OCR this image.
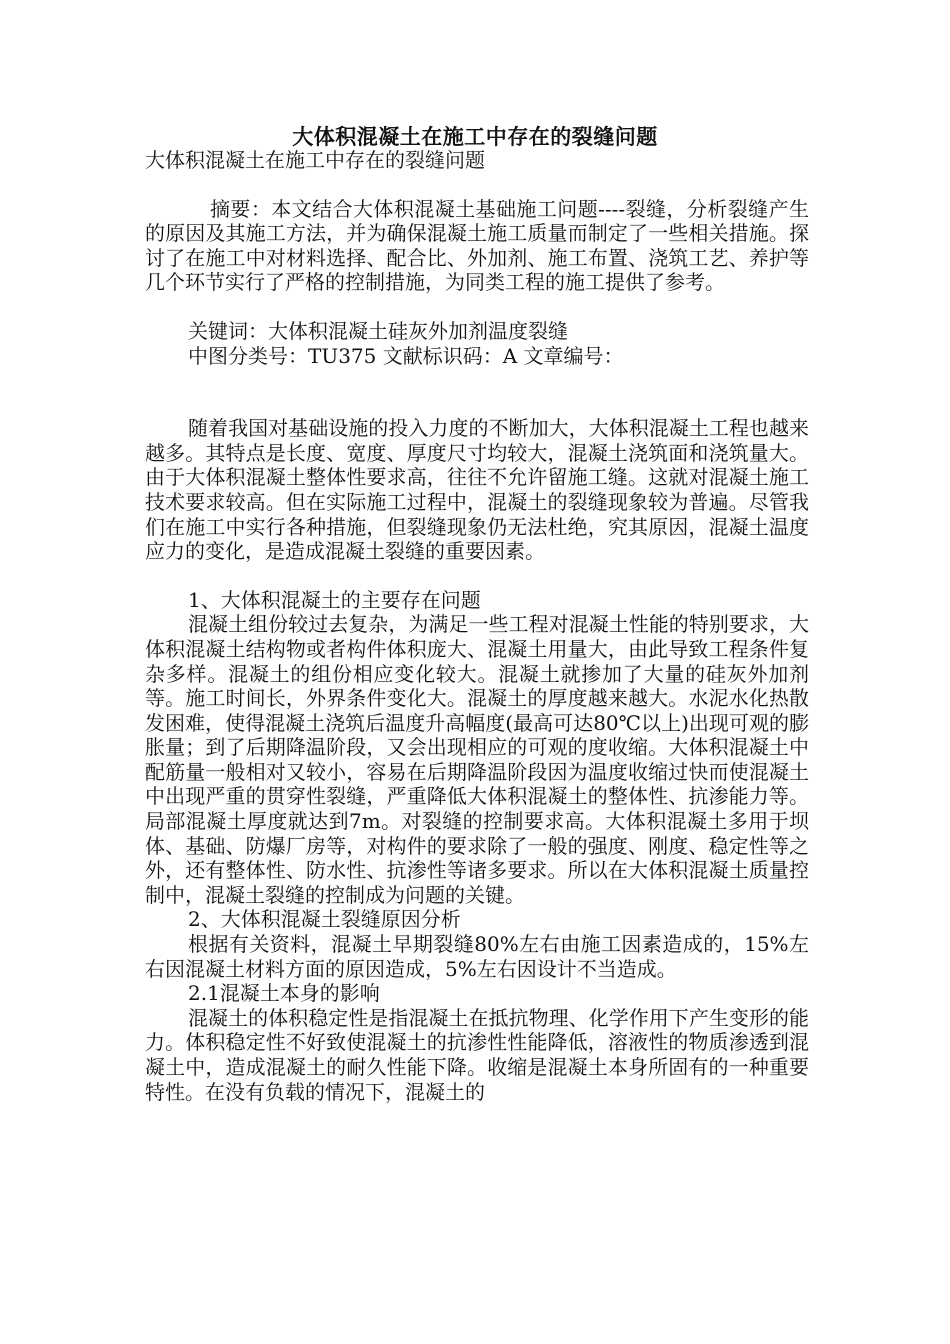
大体积混凝土在施工中存在的裂缝问题

大体积混凝土在施工中存在的裂缝问题

摘要：本文结合大体积混凝土基础施工问题----裂缝，分析裂缝产生的原因及其施工方法，并为确保混凝土施工质量而制定了一些相关措施。探讨了在施工中对材料选择、配合比、外加剂、施工布置、浇筑工艺、养护等几个环节实行了严格的控制措施，为同类工程的施工提供了参考。

关键词：大体积混凝土硅灰外加剂温度裂缝

中图分类号：TU375 文献标识码：A 文章编号：

随着我国对基础设施的投入力度的不断加大，大体积混凝土工程也越来越多。其特点是长度、宽度、厚度尺寸均较大，混凝土浇筑面和浇筑量大。由于大体积混凝土整体性要求高，往往不允许留施工缝。这就对混凝土施工技术要求较高。但在实际施工过程中，混凝土的裂缝现象较为普遍。尽管我们在施工中实行各种措施，但裂缝现象仍无法杜绝，究其原因，混凝土温度应力的变化，是造成混凝土裂缝的重要因素。

1、大体积混凝土的主要存在问题

混凝土组份较过去复杂，为满足一些工程对混凝土性能的特别要求，大体积混凝土结构物或者构件体积庞大、混凝土用量大，由此导致工程条件复杂多样。混凝土的组份相应变化较大。混凝土就掺加了大量的硅灰外加剂等。施工时间长，外界条件变化大。混凝土的厚度越来越大。水泥水化热散发困难，使得混凝土浇筑后温度升高幅度(最高可达80℃以上)出现可观的膨胀量；到了后期降温阶段，又会出现相应的可观的度收缩。大体积混凝土中配筋量一般相对又较小，容易在后期降温阶段因为温度收缩过快而使混凝土中出现严重的贯穿性裂缝，严重降低大体积混凝土的整体性、抗渗能力等。局部混凝土厚度就达到7m。对裂缝的控制要求高。大体积混凝土多用于坝体、基础、防爆厂房等，对构件的要求除了一般的强度、刚度、稳定性等之外，还有整体性、防水性、抗渗性等诸多要求。所以在大体积混凝土质量控制中，混凝土裂缝的控制成为问题的关键。

2、大体积混凝土裂缝原因分析

根据有关资料，混凝土早期裂缝80%左右由施工因素造成的，15%左右因混凝土材料方面的原因造成，5%左右因设计不当造成。

2.1混凝土本身的影响

混凝土的体积稳定性是指混凝土在抵抗物理、化学作用下产生变形的能力。体积稳定性不好致使混凝土的抗渗性性能降低，溶液性的物质渗透到混凝土中，造成混凝土的耐久性能下降。收缩是混凝土本身所固有的一种重要特性。在没有负载的情况下，混凝土的
